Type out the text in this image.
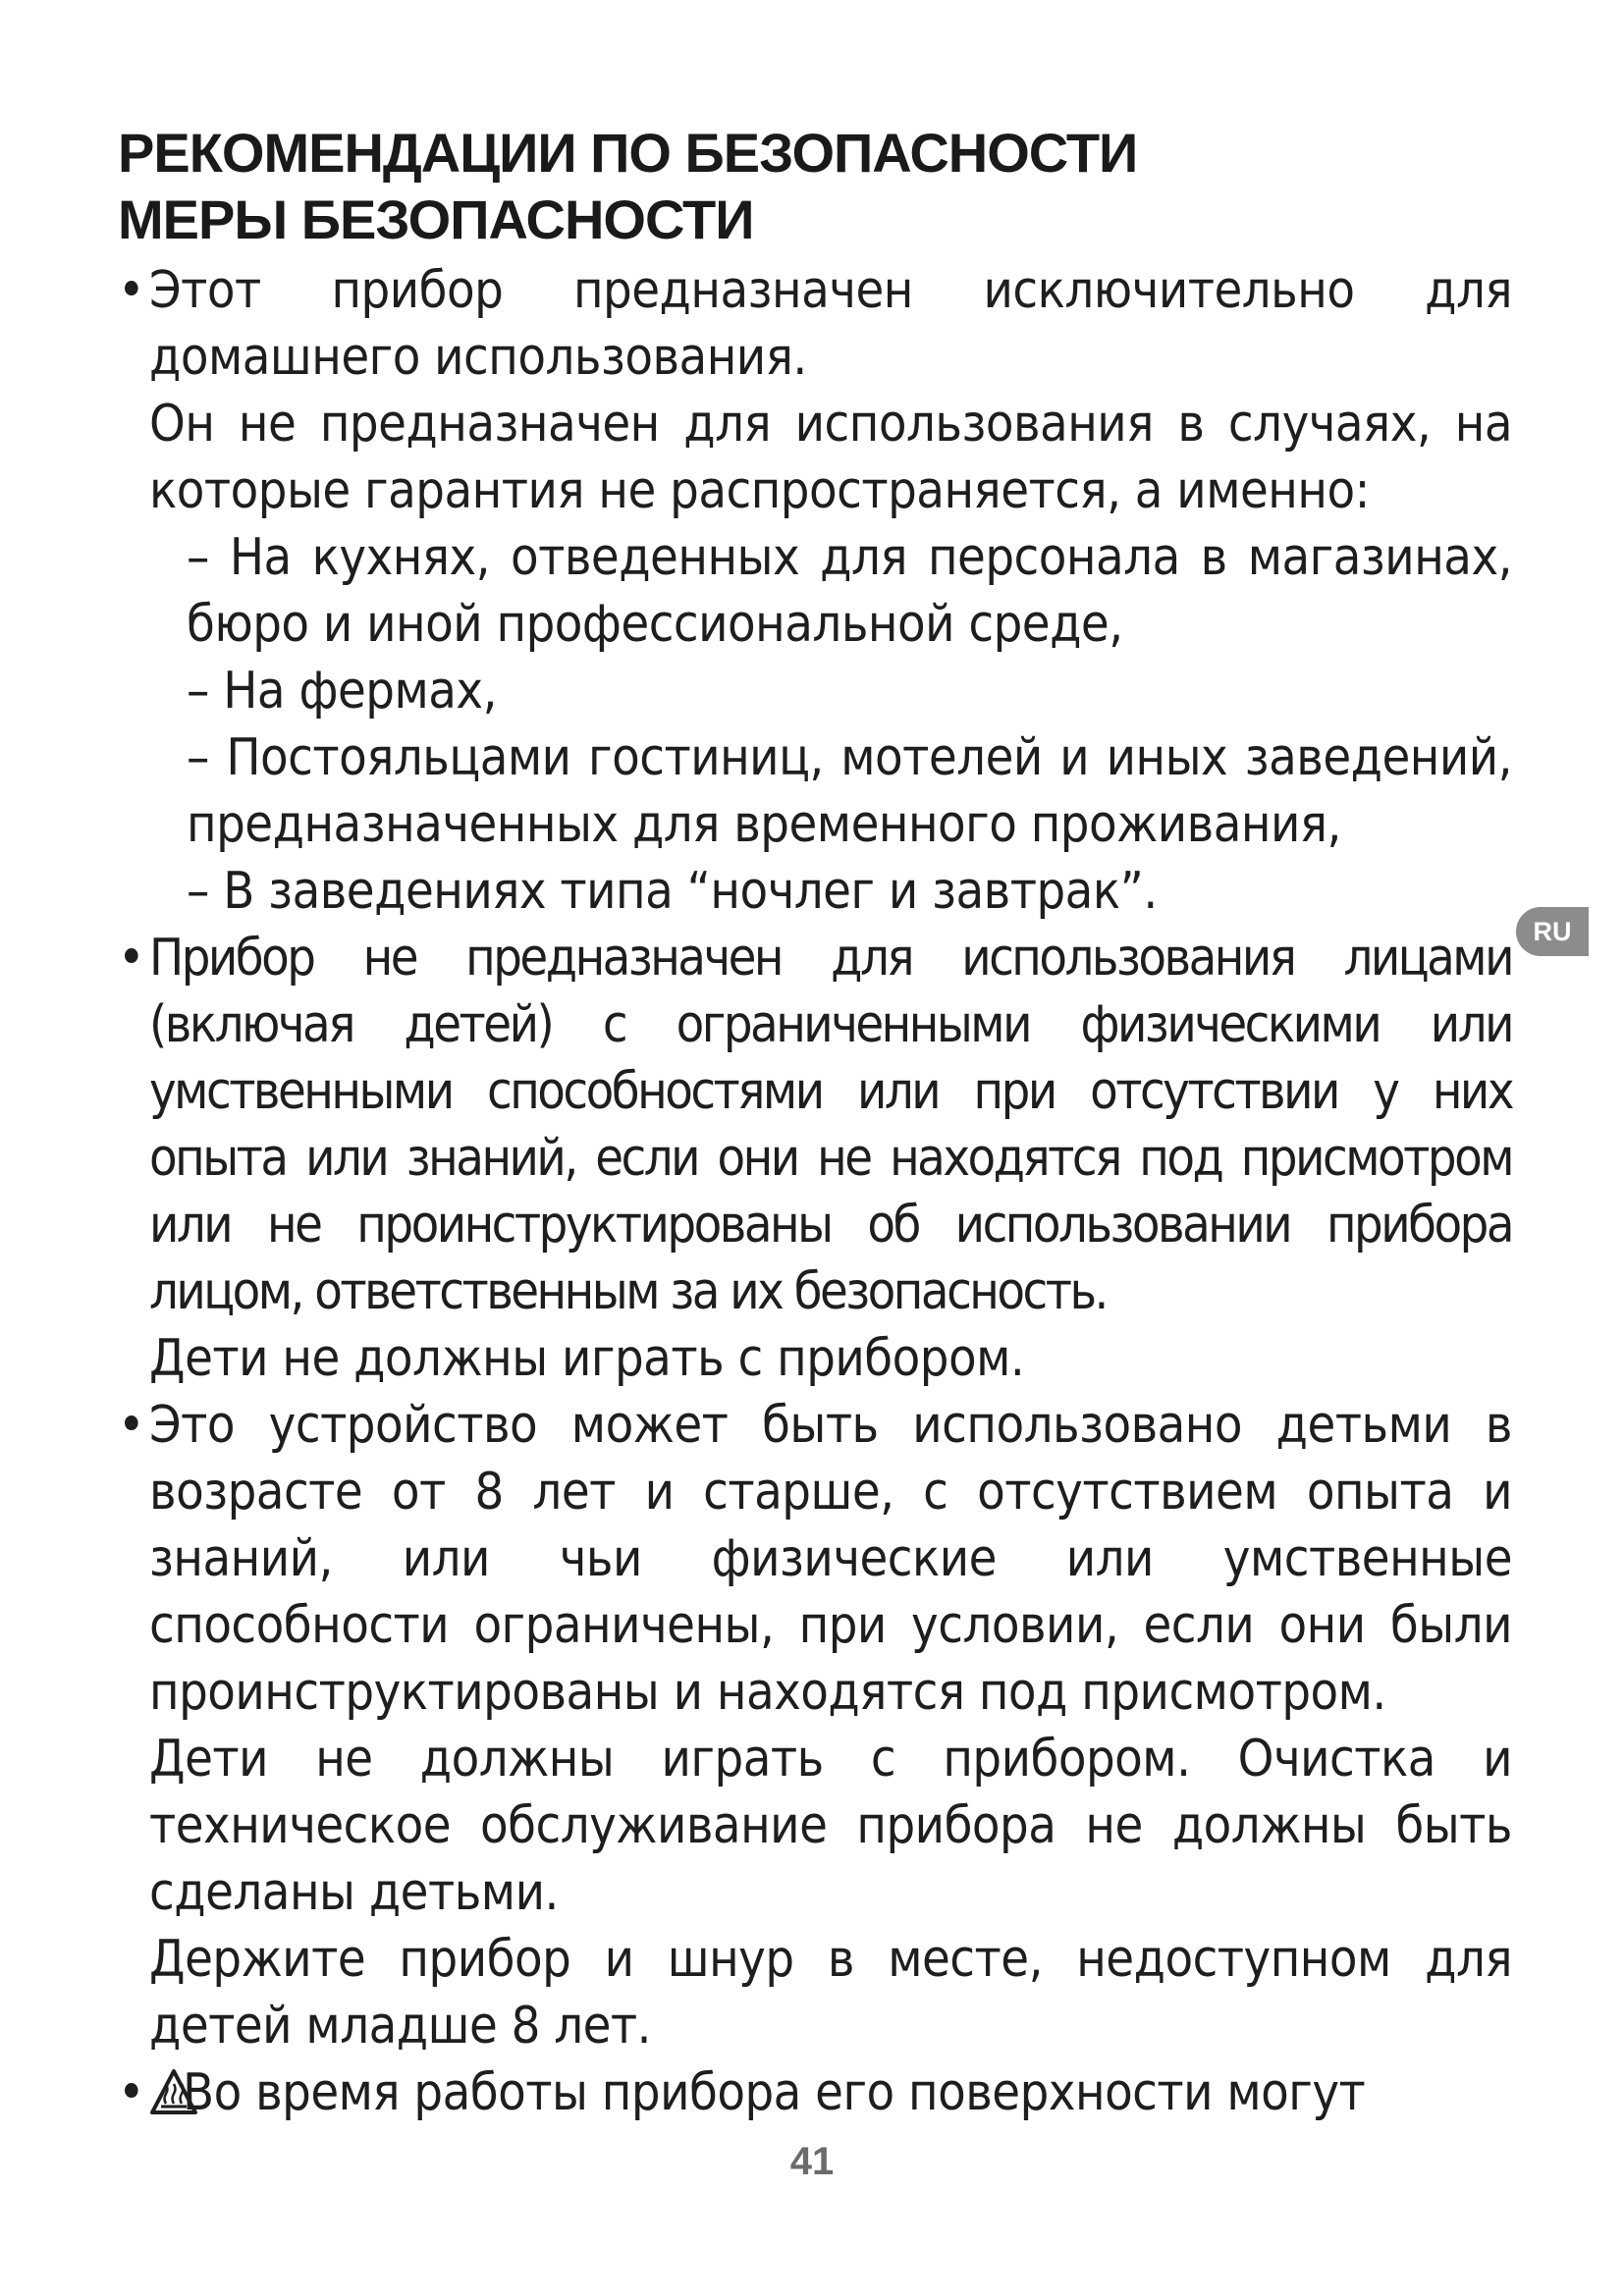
РЕКОМЕНДАЦИИ ПО БЕЗОПАСНОСТИ

МЕРЫ БЕЗОПАСНОСТИ

• Этот прибор предназначен исключительно для домашнего использования.

Он не предназначен для использования в случаях, на которые гарантия не распространяется, а именно:

– На кухнях, отведенных для персонала в магазинах, бюро и иной профессиональной среде,

– На фермах,

– Постояльцами гостиниц, мотелей и иных заведений, предназначенных для временного проживания,

– В заведениях типа “ночлег и завтрак”.

• Прибор не предназначен для использования лицами (включая детей) с ограниченными физическими или умственными способностями или при отсутствии у них опыта или знаний, если они не находятся под присмотром или не проинструктированы об использовании прибора лицом, ответственным за их безопасность.

Дети не должны играть с прибором.

• Это устройство может быть использовано детьми в возрасте от 8 лет и старше, с отсутствием опыта и знаний, или чьи физические или умственные способности ограничены, при условии, если они были проинструктированы и находятся под присмотром.

Дети не должны играть с прибором. Очистка и техническое обслуживание прибора не должны быть сделаны детьми.

Держите прибор и шнур в месте, недоступном для детей младше 8 лет.

• Во время работы прибора его поверхности могут

RU
41
